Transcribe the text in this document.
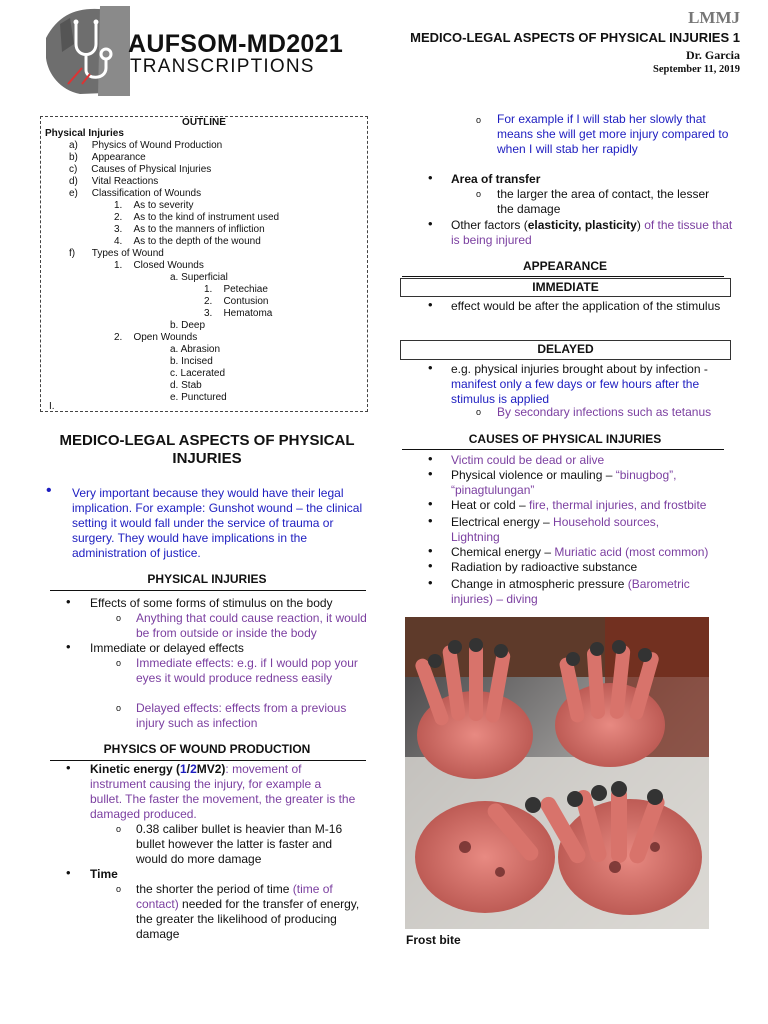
AUFSOM-MD2021
TRANSCRIPTIONS
LMMJ
MEDICO-LEGAL ASPECTS OF PHYSICAL INJURIES 1
Dr. Garcia
September 11, 2019
OUTLINE
Physical Injuries
a)     Physics of Wound Production
b)     Appearance
c)     Causes of Physical Injuries
d)     Vital Reactions
e)     Classification of Wounds
1.    As to severity
2.    As to the kind of instrument used
3.    As to the manners of infliction
4.    As to the depth of the wound
f)      Types of Wound
1.    Closed Wounds
a. Superficial
1.    Petechiae
2.    Contusion
3.    Hematoma
b. Deep
2.    Open Wounds
a. Abrasion
b. Incised
c. Lacerated
d. Stab
e. Punctured
I.
MEDICO-LEGAL ASPECTS OF PHYSICAL INJURIES
• Very important because they would have their legal implication. For example: Gunshot wound – the clinical setting it would fall under the service of trauma or surgery. They would have implications in the administration of justice.
PHYSICAL INJURIES
• Effects of some forms of stimulus on the body
o Anything that could cause reaction, it would be from outside or inside the body
• Immediate or delayed effects
o Immediate effects: e.g. if I would pop your eyes it would produce redness easily
o Delayed effects: effects from a previous injury such as infection
PHYSICS OF WOUND PRODUCTION
• Kinetic energy (1/2MV2): movement of instrument causing the injury, for example a bullet. The faster the movement, the greater is the damaged produced.
o 0.38 caliber bullet is heavier than M-16 bullet however the latter is faster and would do more damage
• Time
o the shorter the period of time (time of contact) needed for the transfer of energy, the greater the likelihood of producing damage
o For example if I will stab her slowly that means she will get more injury compared to when I will stab her rapidly
• Area of transfer
o the larger the area of contact, the lesser the damage
• Other factors (elasticity, plasticity) of the tissue that is being injured
APPEARANCE
IMMEDIATE
• effect would be after the application of the stimulus
DELAYED
• e.g. physical injuries brought about by infection - manifest only a few days or few hours after the stimulus is applied
o By secondary infections such as tetanus
CAUSES OF PHYSICAL INJURIES
• Victim could be dead or alive
• Physical violence or mauling – “binugbog”, “pinagtulungan”
• Heat or cold – fire, thermal injuries, and frostbite
• Electrical energy – Household sources, Lightning
• Chemical energy – Muriatic acid (most common)
• Radiation by radioactive substance
• Change in atmospheric pressure (Barometric injuries) – diving
Frost bite
